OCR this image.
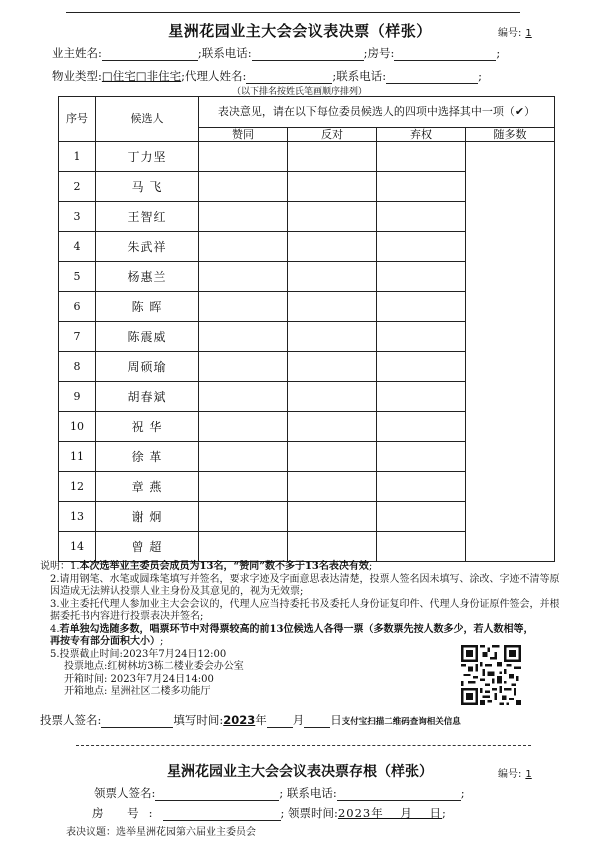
星洲花园业主大会会议表决票（样张）	编号: 1
业主姓名:	;联系电话:	;房号:	;
物业类型:□住宅□非住宅;代理人姓名:	;联系电话:	;
（以下排名按姓氏笔画顺序排列）
序号	候选人	表决意见，请在以下每位委员候选人的四项中选择其中一项（✔）			
		赞同	反对	弃权	随多数
1	丁力坚				
2	马 飞				
3	王智红				
4	朱武祥				
5	杨惠兰				
6	陈 晖				
7	陈震威				
8	周硕瑜				
9	胡春斌				
10	祝 华				
11	徐 革				
12	章 燕				
13	谢 炯				
14	曾 超				
说明：1.本次选举业主委员会成员为13名，“赞同”数不多于13名表决有效;
2.请用钢笔、水笔或圆珠笔填写并签名，要求字迹及字面意思表达清楚，投票人签名因未填写、涂改、字迹不清等原因造成无法辨认投票人业主身份及其意见的，视为无效票;
3.业主委托代理人参加业主大会会议的，代理人应当持委托书及委托人身份证复印件、代理人身份证原件签会，并根据委托书内容进行投票表决并签名;
4.若单独勾选随多数，唱票环节中对得票较高的前13位候选人各得一票（多数票先按人数多少，若人数相等，再按专有部分面积大小）;
5.投票截止时间:2023年7月24日12:00
投票地点:红树林坊3栋二楼业委会办公室
开箱时间: 2023年7月24日14:00
开箱地点: 星洲社区二楼多功能厅
投票人签名:	填写时间:2023年 月 日支付宝扫描二维码查询相关信息
星洲花园业主大会会议表决票存根（样张）	编号: 1
领票人签名:	; 联系电话:	;
房 号:	; 领票时间:2023年 月 日;
表决议题：选举星洲花园第六届业主委员会
